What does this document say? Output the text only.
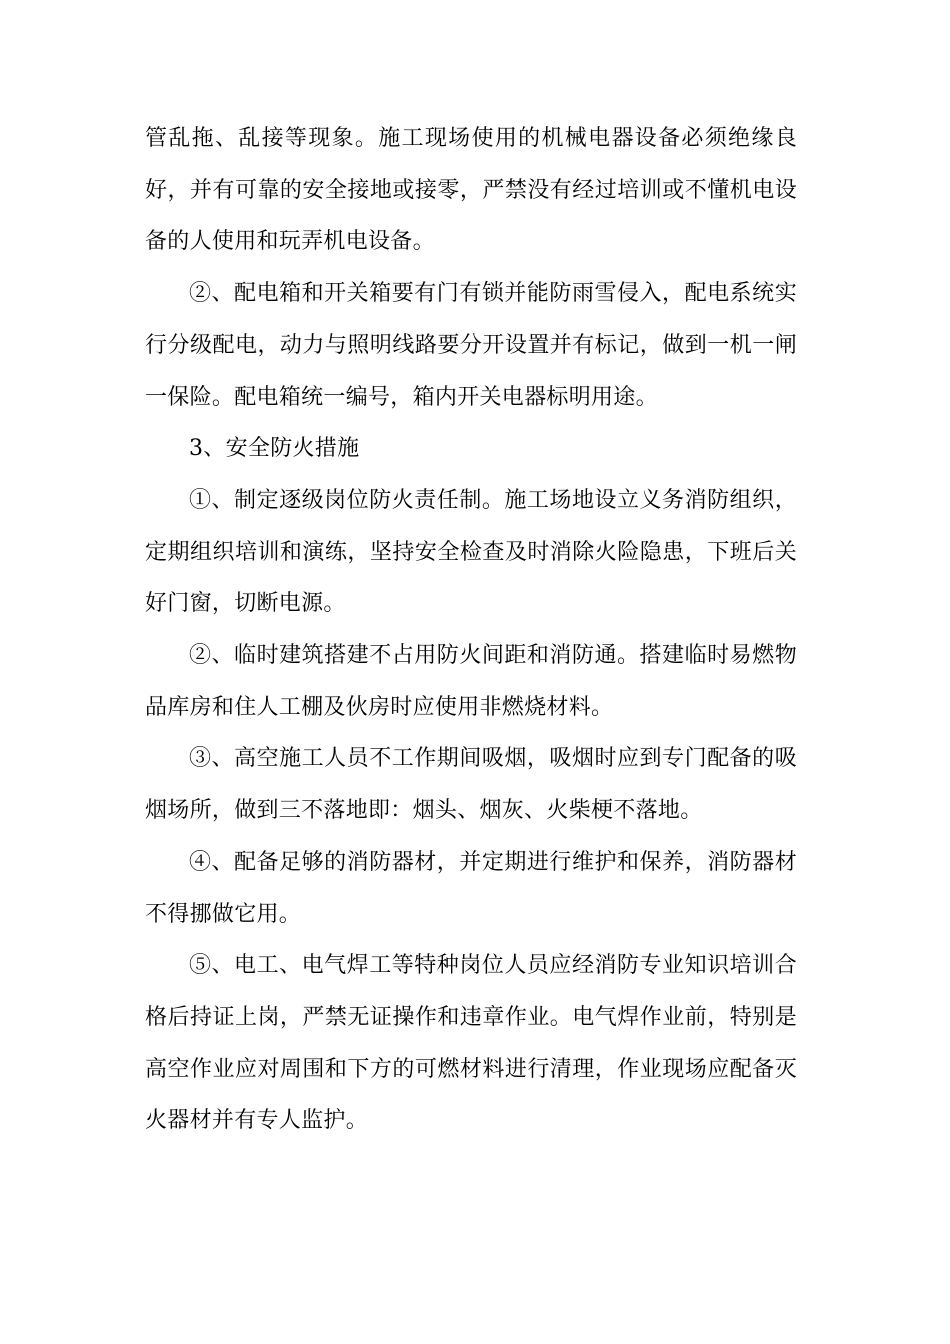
管乱拖、乱接等现象。施工现场使用的机械电器设备必须绝缘良好，并有可靠的安全接地或接零，严禁没有经过培训或不懂机电设备的人使用和玩弄机电设备。

②、配电箱和开关箱要有门有锁并能防雨雪侵入，配电系统实行分级配电，动力与照明线路要分开设置并有标记，做到一机一闸一保险。配电箱统一编号，箱内开关电器标明用途。

3、安全防火措施

①、制定逐级岗位防火责任制。施工场地设立义务消防组织，定期组织培训和演练，坚持安全检查及时消除火险隐患，下班后关好门窗，切断电源。

②、临时建筑搭建不占用防火间距和消防通。搭建临时易燃物品库房和住人工棚及伙房时应使用非燃烧材料。

③、高空施工人员不工作期间吸烟，吸烟时应到专门配备的吸烟场所，做到三不落地即：烟头、烟灰、火柴梗不落地。

④、配备足够的消防器材，并定期进行维护和保养，消防器材不得挪做它用。

⑤、电工、电气焊工等特种岗位人员应经消防专业知识培训合格后持证上岗，严禁无证操作和违章作业。电气焊作业前，特别是高空作业应对周围和下方的可燃材料进行清理，作业现场应配备灭火器材并有专人监护。
